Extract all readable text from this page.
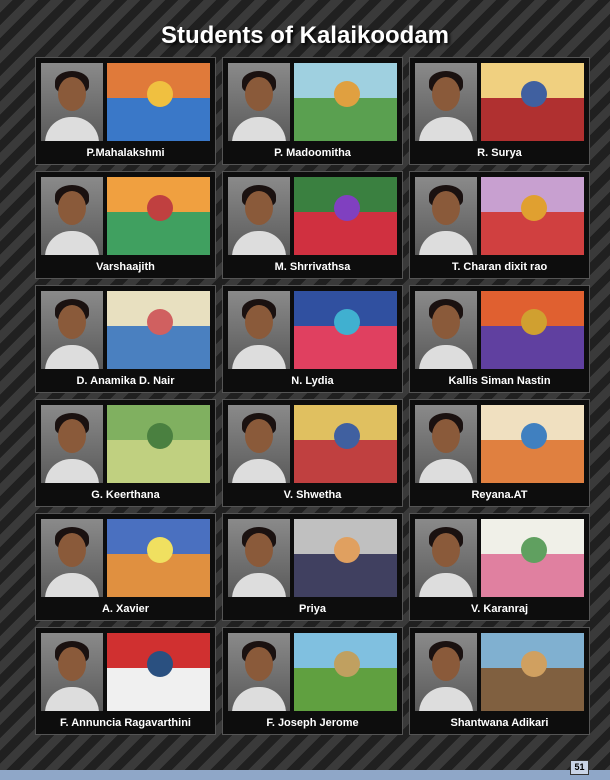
Students of Kalaikoodam
P.Mahalakshmi	P. Madoomitha	R. Surya
Varshaajith	M. Shrrivathsa	T. Charan dixit rao
D. Anamika D. Nair	N. Lydia	Kallis Siman Nastin
G. Keerthana	V. Shwetha	Reyana.AT
A. Xavier	Priya	V. Karanraj
F. Annuncia Ragavarthini	F. Joseph Jerome	Shantwana Adikari
51
